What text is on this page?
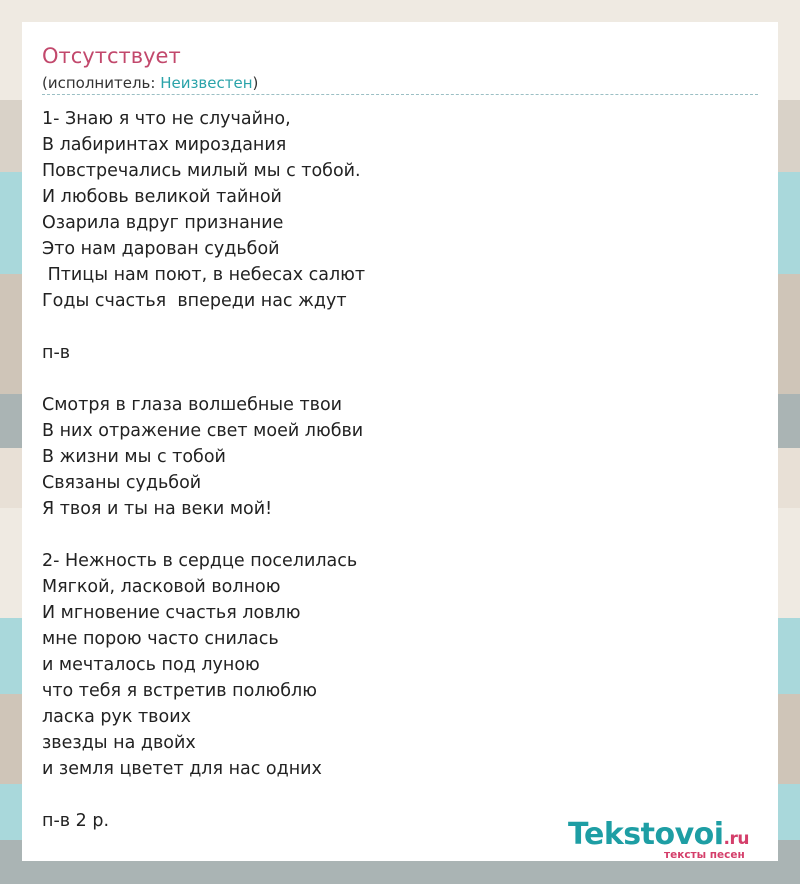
Отсутствует
(исполнитель: Неизвестен)
1- Знаю я что не случайно,
В лабиринтах мироздания
Повстречались милый мы с тобой.
И любовь великой тайной
Озарила вдруг признание
Это нам дарован судьбой
Птицы нам поют, в небесах салют
Годы счастья  впереди нас ждут

п-в

Смотря в глаза волшебные твои
В них отражение свет моей любви
В жизни мы с тобой
Связаны судьбой
Я твоя и ты на веки мой!

2- Нежность в сердце поселилась
Мягкой, ласковой волною
И мгновение счастья ловлю
мне порою часто снилась
и мечталось под луною
что тебя я встретив полюблю
ласка рук твоих
звезды на двойх
и земля цветет для нас одних

п-в 2 р.	Tekstovoi.ru
тексты песен
